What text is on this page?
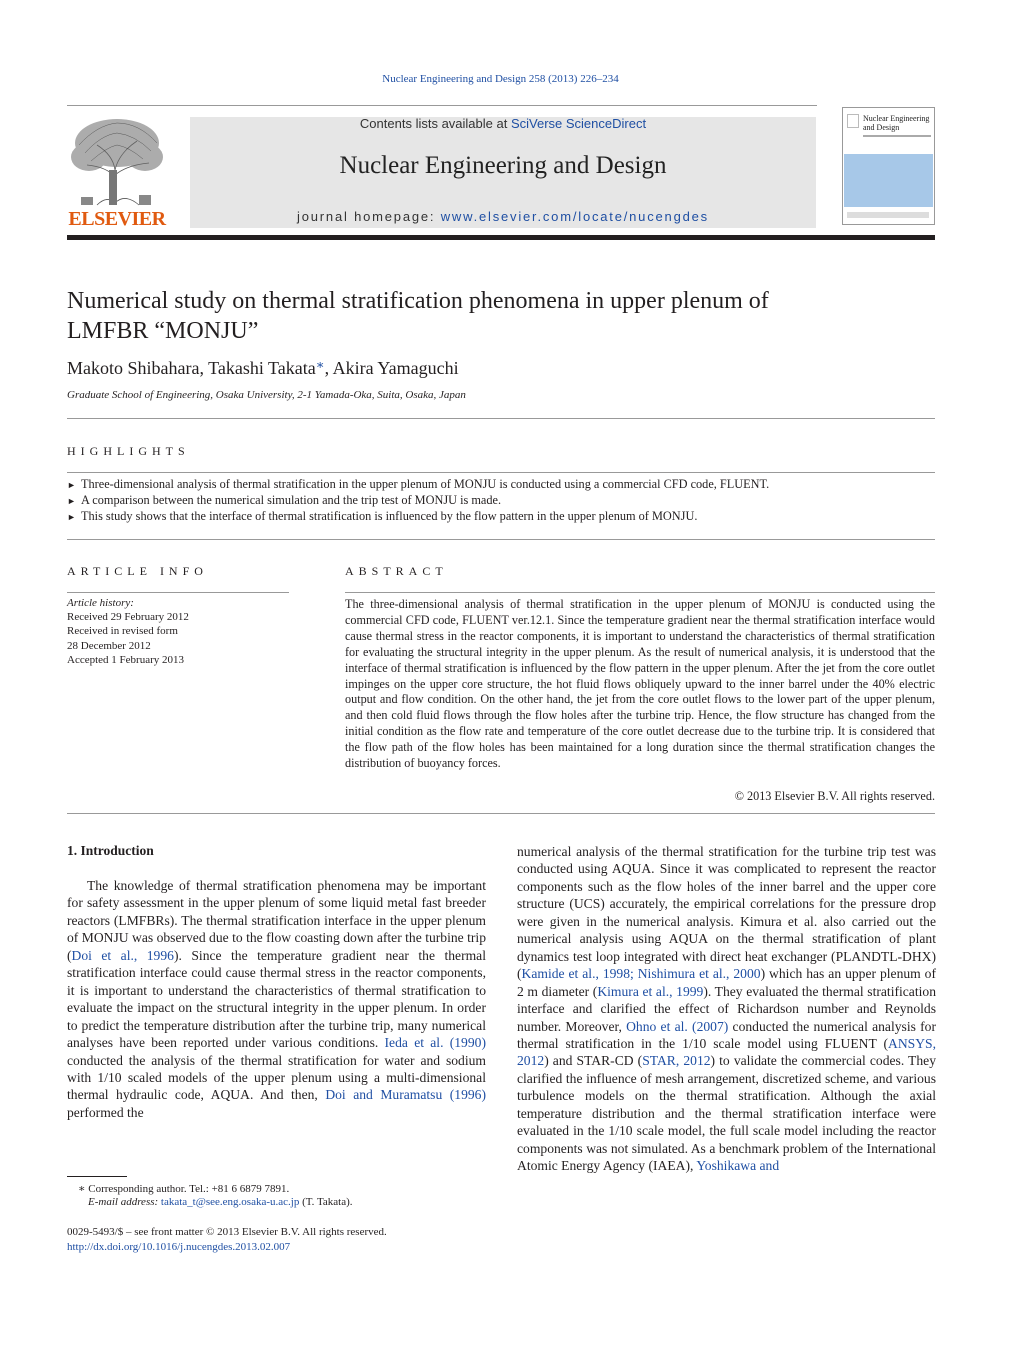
Nuclear Engineering and Design 258 (2013) 226–234
ELSEVIER
Contents lists available at SciVerse ScienceDirect
Nuclear Engineering and Design
journal homepage: www.elsevier.com/locate/nucengdes
Nuclear Engineering and Design
Numerical study on thermal stratification phenomena in upper plenum of
LMFBR “MONJU”
Makoto Shibahara, Takashi Takata∗, Akira Yamaguchi
Graduate School of Engineering, Osaka University, 2-1 Yamada-Oka, Suita, Osaka, Japan
HIGHLIGHTS
► Three-dimensional analysis of thermal stratification in the upper plenum of MONJU is conducted using a commercial CFD code, FLUENT.
► A comparison between the numerical simulation and the trip test of MONJU is made.
► This study shows that the interface of thermal stratification is influenced by the flow pattern in the upper plenum of MONJU.
ARTICLE INFO
Article history:
Received 29 February 2012
Received in revised form
28 December 2012
Accepted 1 February 2013
ABSTRACT
The three-dimensional analysis of thermal stratification in the upper plenum of MONJU is conducted using the commercial CFD code, FLUENT ver.12.1. Since the temperature gradient near the thermal stratification interface would cause thermal stress in the reactor components, it is important to understand the characteristics of thermal stratification for evaluating the structural integrity in the upper plenum. As the result of numerical analysis, it is understood that the interface of thermal stratification is influenced by the flow pattern in the upper plenum. After the jet from the core outlet impinges on the upper core structure, the hot fluid flows obliquely upward to the inner barrel under the 40% electric output and flow condition. On the other hand, the jet from the core outlet flows to the lower part of the upper plenum, and then cold fluid flows through the flow holes after the turbine trip. Hence, the flow structure has changed from the initial condition as the flow rate and temperature of the core outlet decrease due to the turbine trip. It is considered that the flow path of the flow holes has been maintained for a long duration since the thermal stratification changes the distribution of buoyancy forces.
© 2013 Elsevier B.V. All rights reserved.
1. Introduction
The knowledge of thermal stratification phenomena may be important for safety assessment in the upper plenum of some liquid metal fast breeder reactors (LMFBRs). The thermal stratification interface in the upper plenum of MONJU was observed due to the flow coasting down after the turbine trip (Doi et al., 1996). Since the temperature gradient near the thermal stratification interface could cause thermal stress in the reactor components, it is important to understand the characteristics of thermal stratification to evaluate the impact on the structural integrity in the upper plenum. In order to predict the temperature distribution after the turbine trip, many numerical analyses have been reported under various conditions. Ieda et al. (1990) conducted the analysis of the thermal stratification for water and sodium with 1/10 scaled models of the upper plenum using a multi-dimensional thermal hydraulic code, AQUA. And then, Doi and Muramatsu (1996) performed the
numerical analysis of the thermal stratification for the turbine trip test was conducted using AQUA. Since it was complicated to represent the reactor components such as the flow holes of the inner barrel and the upper core structure (UCS) accurately, the empirical correlations for the pressure drop were given in the numerical analysis. Kimura et al. also carried out the numerical analysis using AQUA on the thermal stratification of plant dynamics test loop integrated with direct heat exchanger (PLANDTL-DHX) (Kamide et al., 1998; Nishimura et al., 2000) which has an upper plenum of 2 m diameter (Kimura et al., 1999). They evaluated the thermal stratification interface and clarified the effect of Richardson number and Reynolds number. Moreover, Ohno et al. (2007) conducted the numerical analysis for thermal stratification in the 1/10 scale model using FLUENT (ANSYS, 2012) and STAR-CD (STAR, 2012) to validate the commercial codes. They clarified the influence of mesh arrangement, discretized scheme, and various turbulence models on the thermal stratification. Although the axial temperature distribution and the thermal stratification interface were evaluated in the 1/10 scale model, the full scale model including the reactor components was not simulated. As a benchmark problem of the International Atomic Energy Agency (IAEA), Yoshikawa and
∗ Corresponding author. Tel.: +81 6 6879 7891.
E-mail address: takata_t@see.eng.osaka-u.ac.jp (T. Takata).
0029-5493/$ – see front matter © 2013 Elsevier B.V. All rights reserved.
http://dx.doi.org/10.1016/j.nucengdes.2013.02.007
